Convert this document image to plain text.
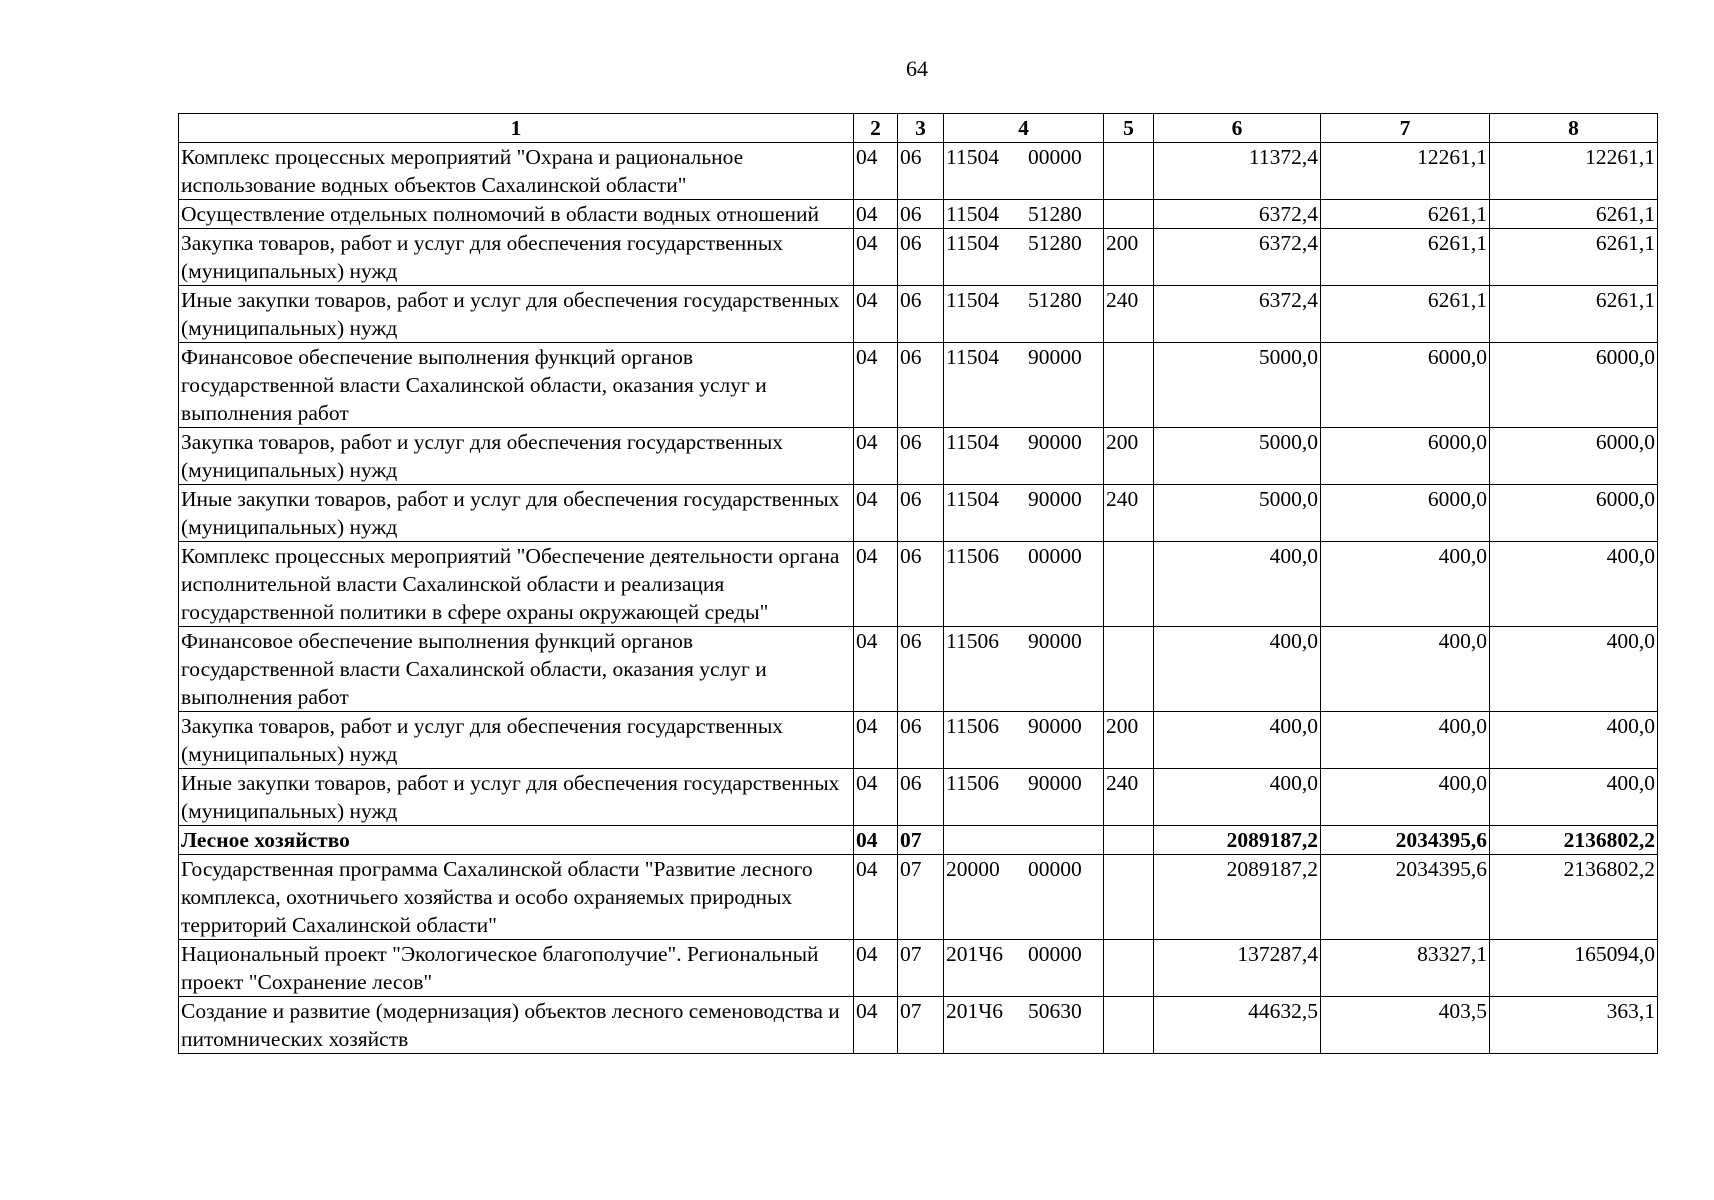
64
1	2	3	4	5	6	7	8
Комплекс процессных мероприятий "Охрана и рациональное использование водных объектов Сахалинской области"	04	06	11504 00000		11372,4	12261,1	12261,1
Осуществление отдельных полномочий в области водных отношений	04	06	11504 51280		6372,4	6261,1	6261,1
Закупка товаров, работ и услуг для обеспечения государственных (муниципальных) нужд	04	06	11504 51280	200	6372,4	6261,1	6261,1
Иные закупки товаров, работ и услуг для обеспечения государственных (муниципальных) нужд	04	06	11504 51280	240	6372,4	6261,1	6261,1
Финансовое обеспечение выполнения функций органов государственной власти Сахалинской области, оказания услуг и выполнения работ	04	06	11504 90000		5000,0	6000,0	6000,0
Закупка товаров, работ и услуг для обеспечения государственных (муниципальных) нужд	04	06	11504 90000	200	5000,0	6000,0	6000,0
Иные закупки товаров, работ и услуг для обеспечения государственных (муниципальных) нужд	04	06	11504 90000	240	5000,0	6000,0	6000,0
Комплекс процессных мероприятий "Обеспечение деятельности органа исполнительной власти Сахалинской области и реализация государственной политики в сфере охраны окружающей среды"	04	06	11506 00000		400,0	400,0	400,0
Финансовое обеспечение выполнения функций органов государственной власти Сахалинской области, оказания услуг и выполнения работ	04	06	11506 90000		400,0	400,0	400,0
Закупка товаров, работ и услуг для обеспечения государственных (муниципальных) нужд	04	06	11506 90000	200	400,0	400,0	400,0
Иные закупки товаров, работ и услуг для обеспечения государственных (муниципальных) нужд	04	06	11506 90000	240	400,0	400,0	400,0
Лесное хозяйство	04	07			2089187,2	2034395,6	2136802,2
Государственная программа Сахалинской области "Развитие лесного комплекса, охотничьего хозяйства и особо охраняемых природных территорий Сахалинской области"	04	07	20000 00000		2089187,2	2034395,6	2136802,2
Национальный проект "Экологическое благополучие". Региональный проект "Сохранение лесов"	04	07	201Ч6 00000		137287,4	83327,1	165094,0
Создание и развитие (модернизация) объектов лесного семеноводства и питомнических хозяйств	04	07	201Ч6 50630		44632,5	403,5	363,1
